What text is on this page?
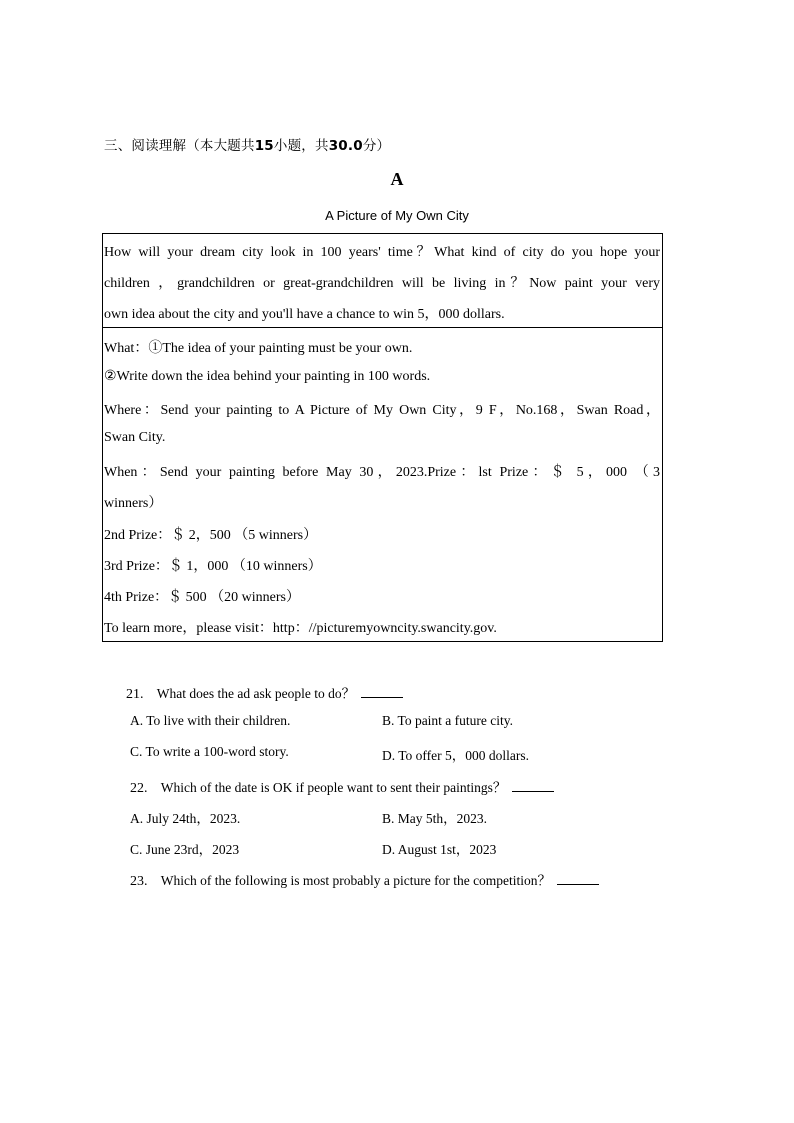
三、阅读理解（本大题共15小题，共30.0分）
A
A Picture of My Own City
How will your dream city look in 100 years' time？What kind of city do you hope your
children ，grandchildren or great-grandchildren will be living in？Now paint your very
own idea about the city and you'll have a chance to win 5，000 dollars.
What：①The idea of your painting must be your own.
②Write down the idea behind your painting in 100 words.
Where：Send your painting to A Picture of My Own City，9 F，No.168，Swan Road，
Swan City.
When：Send your painting before May 30，2023.Prize：lst Prize：＄ 5，000 （3
winners）
2nd Prize：＄ 2，500 （5 winners）
3rd Prize：＄ 1，000 （10 winners）
4th Prize：＄ 500 （20 winners）
To learn more，please visit：http：//picturemyowncity.swancity.gov.
21. What does the ad ask people to do？
A. To live with their children.	B. To paint a future city.
C. To write a 100-word story.	D. To offer 5，000 dollars.
22. Which of the date is OK if people want to sent their paintings？
A. July 24th，2023.	B. May 5th，2023.
C. June 23rd，2023	D. August 1st，2023
23. Which of the following is most probably a picture for the competition？
